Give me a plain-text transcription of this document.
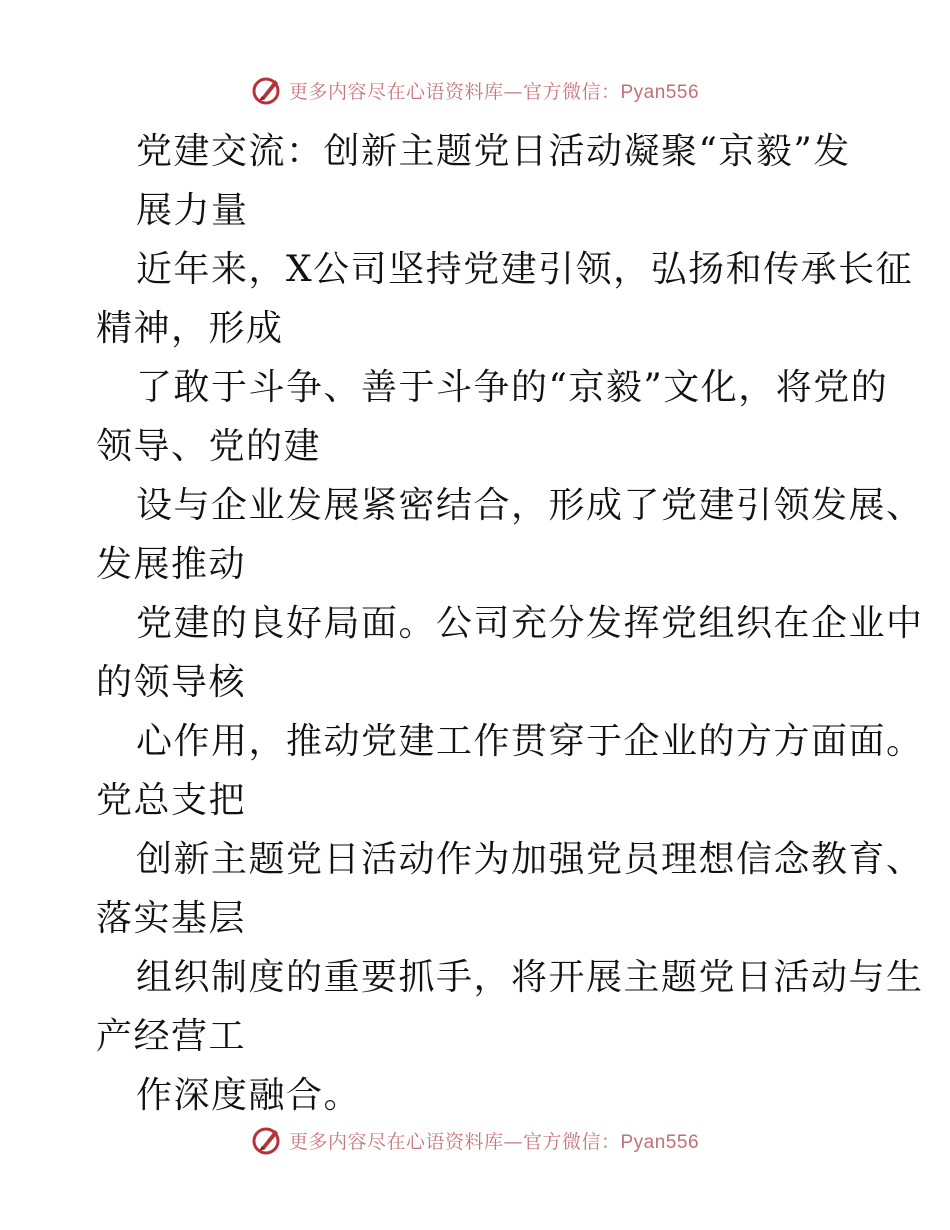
更多内容尽在心语资料库—官方微信：Pyan556

党建交流：创新主题党日活动凝聚“京毅”发

展力量

近年来，X公司坚持党建引领，弘扬和传承长征

精神，形成

了敢于斗争、善于斗争的“京毅”文化，将党的

领导、党的建

设与企业发展紧密结合，形成了党建引领发展、

发展推动

党建的良好局面。公司充分发挥党组织在企业中

的领导核

心作用，推动党建工作贯穿于企业的方方面面。

党总支把

创新主题党日活动作为加强党员理想信念教育、

落实基层

组织制度的重要抓手，将开展主题党日活动与生

产经营工

作深度融合。

更多内容尽在心语资料库—官方微信：Pyan556
